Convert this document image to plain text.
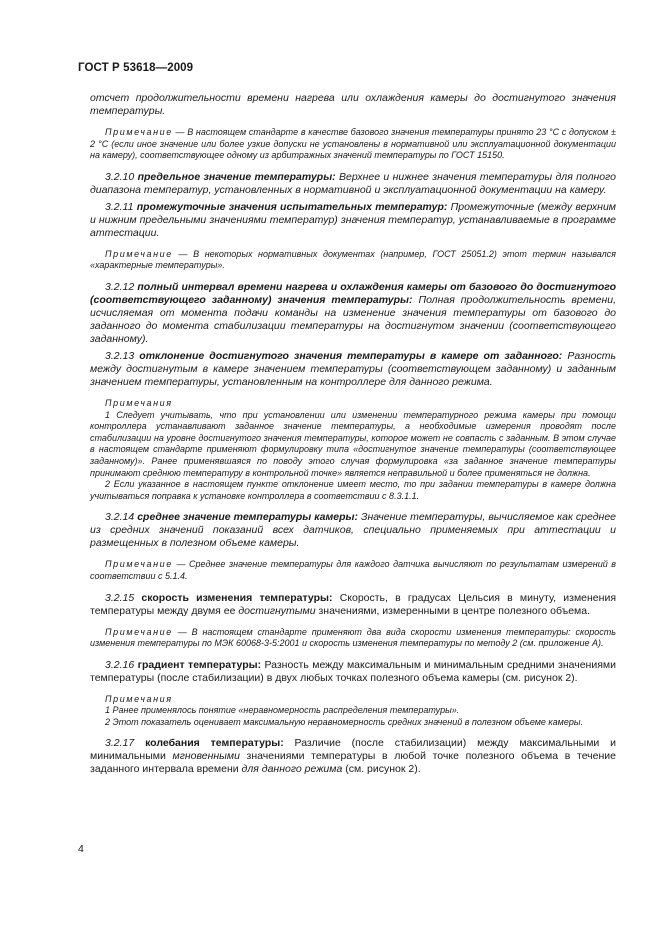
ГОСТ Р 53618—2009

отсчет продолжительности времени нагрева или охлаждения камеры до достигнутого значения температуры.

Примечание — В настоящем стандарте в качестве базового значения температуры принято 23 °С с допуском ± 2 °С (если иное значение или более узкие допуски не установлены в нормативной или эксплуатационной документации на камеру), соответствующее одному из арбитражных значений температуры по ГОСТ 15150.

3.2.10 предельное значение температуры: Верхнее и нижнее значения температуры для полного диапазона температур, установленных в нормативной и эксплуатационной документации на камеру.

3.2.11 промежуточные значения испытательных температур: Промежуточные (между верхним и нижним предельными значениями температур) значения температур, устанавливаемые в программе аттестации.

Примечание — В некоторых нормативных документах (например, ГОСТ 25051.2) этот термин назывался «характерные температуры».

3.2.12 полный интервал времени нагрева и охлаждения камеры от базового до достигнутого (соответствующего заданному) значения температуры: Полная продолжительность времени, исчисляемая от момента подачи команды на изменение значения температуры от базового до заданного до момента стабилизации температуры на достигнутом значении (соответствующего заданному).

3.2.13 отклонение достигнутого значения температуры в камере от заданного: Разность между достигнутым в камере значением температуры (соответствующем заданному) и заданным значением температуры, установленным на контроллере для данного режима.

Примечания

1 Следует учитывать, что при установлении или изменении температурного режима камеры при помощи контроллера устанавливают заданное значение температуры, а необходимые измерения проводят после стабилизации на уровне достигнутого значения температуры, которое может не совпасть с заданным. В этом случае в настоящем стандарте применяют формулировку типа «достигнутое значение температуры (соответствующее заданному)». Ранее применявшаяся по поводу этого случая формулировка «за заданное значение температуры принимают среднюю температуру в контрольной точке» является неправильной и более применяться не должна.

2 Если указанное в настоящем пункте отклонение имеет место, то при задании температуры в камере должна учитываться поправка к установке контроллера в соответствии с 8.3.1.1.

3.2.14 среднее значение температуры камеры: Значение температуры, вычисляемое как среднее из средних значений показаний всех датчиков, специально применяемых при аттестации и размещенных в полезном объеме камеры.

Примечание — Среднее значение температуры для каждого датчика вычисляют по результатам измерений в соответствии с 5.1.4.

3.2.15 скорость изменения температуры: Скорость, в градусах Цельсия в минуту, изменения температуры между двумя ее достигнутыми значениями, измеренными в центре полезного объема.

Примечание — В настоящем стандарте применяют два вида скорости изменения температуры: скорость изменения температуры по МЭК 60068-3-5:2001 и скорость изменения температуры по методу 2 (см. приложение А).

3.2.16 градиент температуры: Разность между максимальным и минимальным средними значениями температуры (после стабилизации) в двух любых точках полезного объема камеры (см. рисунок 2).

Примечания

1 Ранее применялось понятие «неравномерность распределения температуры».

2 Этот показатель оценивает максимальную неравномерность средних значений в полезном объеме камеры.

3.2.17 колебания температуры: Различие (после стабилизации) между максимальными и минимальными мгновенными значениями температуры в любой точке полезного объема в течение заданного интервала времени для данного режима (см. рисунок 2).

4
